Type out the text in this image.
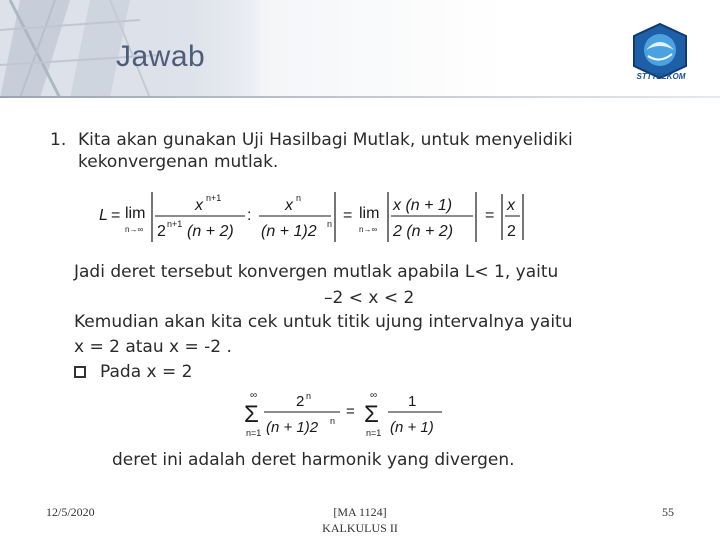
Jawab
STTTELKOM
1. Kita akan gunakan Uji Hasilbagi Mutlak, untuk menyelidiki
kekonvergenan mutlak.
L = lim
n→∞
x n+1
2 n+1 (n + 2)
:
x n
(n + 1)2 n = lim
n→∞
x (n + 1)
2 (n + 2)
=
x
2
Jadi deret tersebut konvergen mutlak apabila L< 1, yaitu
–2 < x < 2
Kemudian akan kita cek untuk titik ujung intervalnya yaitu
x = 2 atau x = -2 .
Pada x = 2
∞
Σ
n=1
2 n
(n + 1)2 n
=
∞
Σ
n=1
1
(n + 1)
deret ini adalah deret harmonik yang divergen.
12/5/2020	[MA 1124]
KALKULUS II
55
